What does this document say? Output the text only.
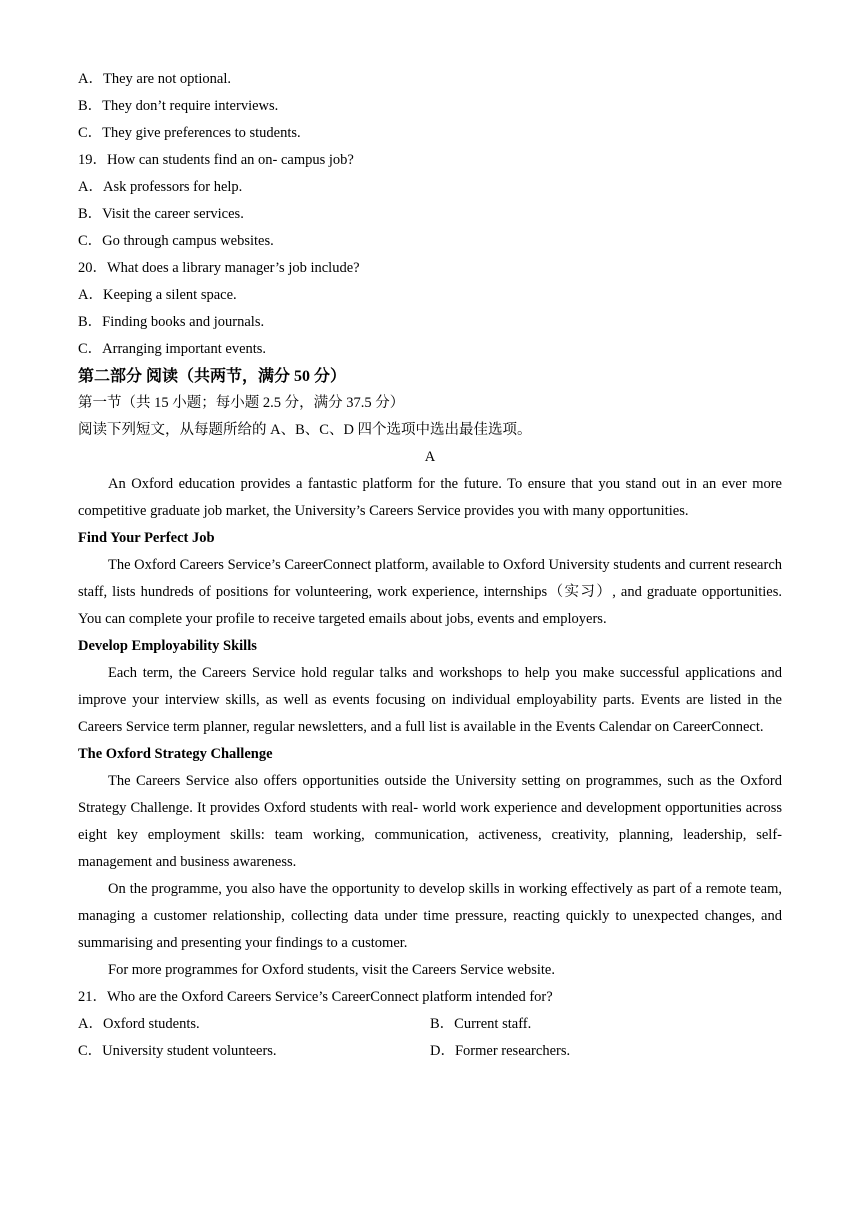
A．They are not optional.
B．They don’t require interviews.
C．They give preferences to students.
19．How can students find an on- campus job?
A．Ask professors for help.
B．Visit the career services.
C．Go through campus websites.
20．What does a library manager’s job include?
A．Keeping a silent space.
B．Finding books and journals.
C．Arranging important events.
第二部分 阅读（共两节，满分 50 分）
第一节（共 15 小题；每小题 2.5 分，满分 37.5 分）
阅读下列短文，从每题所给的 A、B、C、D 四个选项中选出最佳选项。
A
An Oxford education provides a fantastic platform for the future. To ensure that you stand out in an ever more competitive graduate job market, the University’s Careers Service provides you with many opportunities.
Find Your Perfect Job
The Oxford Careers Service’s CareerConnect platform, available to Oxford University students and current research staff, lists hundreds of positions for volunteering, work experience, internships（实习）, and graduate opportunities. You can complete your profile to receive targeted emails about jobs, events and employers.
Develop Employability Skills
Each term, the Careers Service hold regular talks and workshops to help you make successful applications and improve your interview skills, as well as events focusing on individual employability parts. Events are listed in the Careers Service term planner, regular newsletters, and a full list is available in the Events Calendar on CareerConnect.
The Oxford Strategy Challenge
The Careers Service also offers opportunities outside the University setting on programmes, such as the Oxford Strategy Challenge. It provides Oxford students with real- world work experience and development opportunities across eight key employment skills: team working, communication, activeness, creativity, planning, leadership, self- management and business awareness.
On the programme, you also have the opportunity to develop skills in working effectively as part of a remote team, managing a customer relationship, collecting data under time pressure, reacting quickly to unexpected changes, and summarising and presenting your findings to a customer.
For more programmes for Oxford students, visit the Careers Service website.
21．Who are the Oxford Careers Service’s CareerConnect platform intended for?
A．Oxford students.	B．Current staff.
C．University student volunteers.	D．Former researchers.
